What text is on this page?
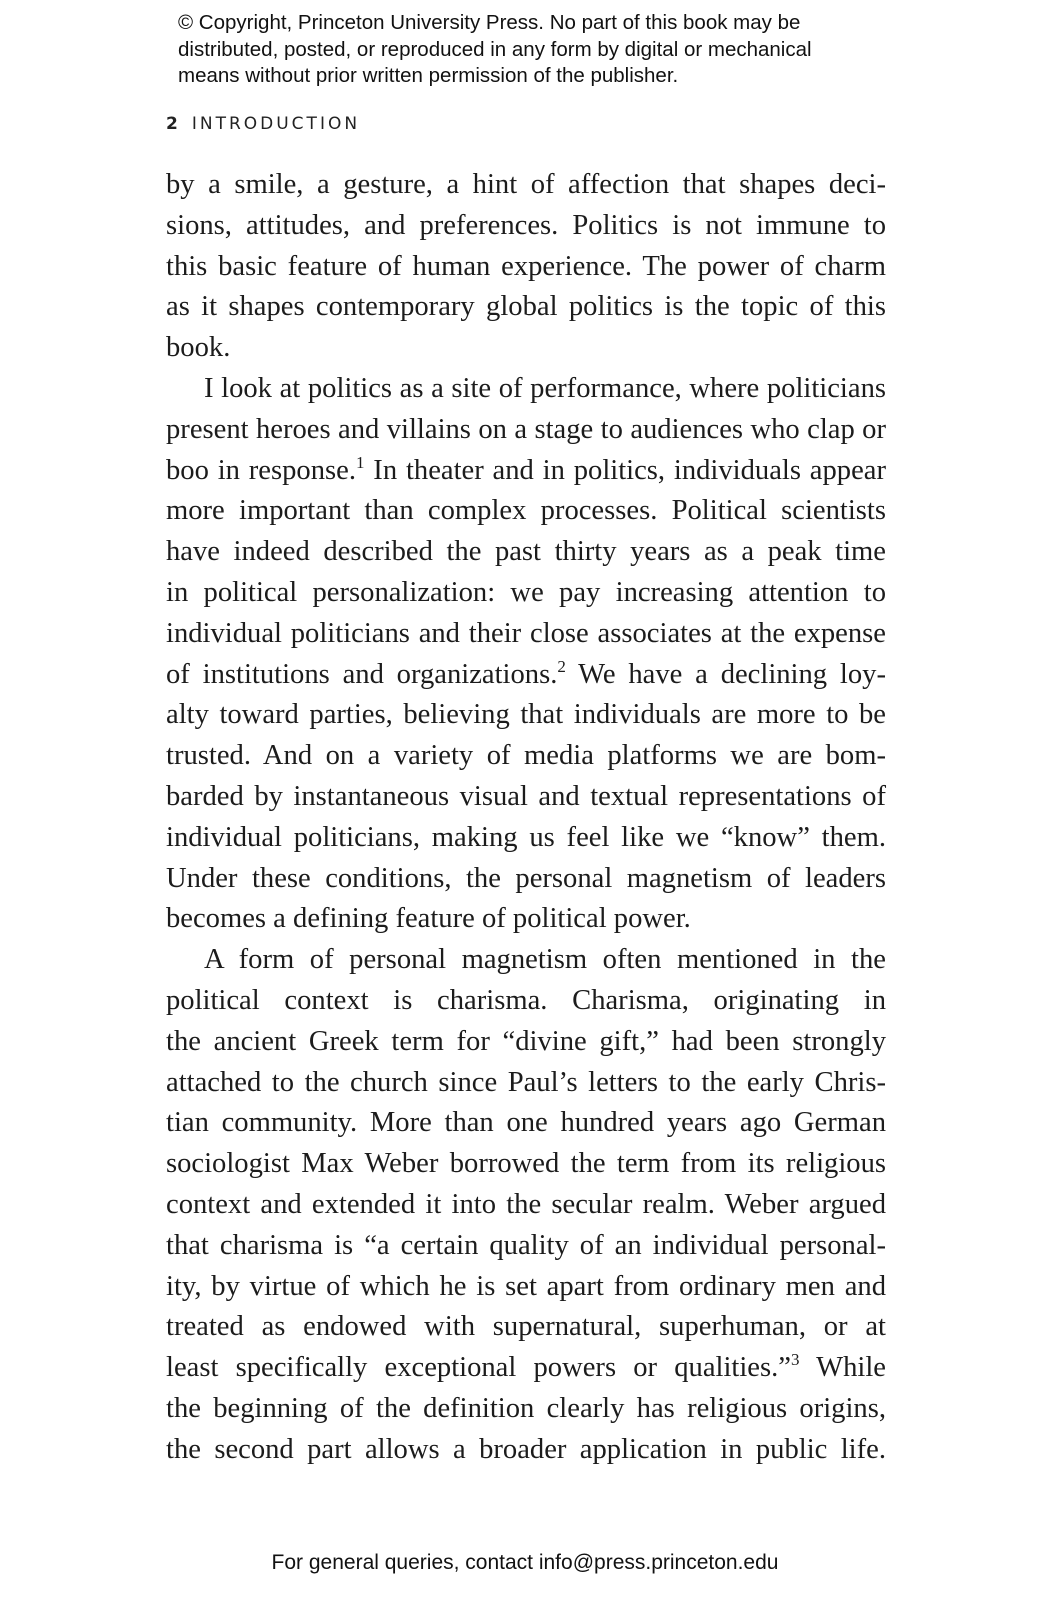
© Copyright, Princeton University Press. No part of this book may be
distributed, posted, or reproduced in any form by digital or mechanical
means without prior written permission of the publisher.
2 INTRODUCTION
by a smile, a gesture, a hint of affection that shapes deci-
sions, attitudes, and preferences. Politics is not immune to
this basic feature of human experience. The power of charm
as it shapes contemporary global politics is the topic of this
book.
I look at politics as a site of performance, where politicians
present heroes and villains on a stage to audiences who clap or
boo in response.$^1$ In theater and in politics, individuals appear
more important than complex processes. Political scientists
have indeed described the past thirty years as a peak time
in political personalization: we pay increasing attention to
individual politicians and their close associates at the expense
of institutions and organizations.$^2$ We have a declining loy-
alty toward parties, believing that individuals are more to be
trusted. And on a variety of media platforms we are bom-
barded by instantaneous visual and textual representations of
individual politicians, making us feel like we “know” them.
Under these conditions, the personal magnetism of leaders
becomes a defining feature of political power.
A form of personal magnetism often mentioned in the
political context is charisma. Charisma, originating in
the ancient Greek term for “divine gift,” had been strongly
attached to the church since Paul’s letters to the early Chris-
tian community. More than one hundred years ago German
sociologist Max Weber borrowed the term from its religious
context and extended it into the secular realm. Weber argued
that charisma is “a certain quality of an individual personal-
ity, by virtue of which he is set apart from ordinary men and
treated as endowed with supernatural, superhuman, or at
least specifically exceptional powers or qualities.”$^3$ While
the beginning of the definition clearly has religious origins,
the second part allows a broader application in public life.
For general queries, contact info@press.princeton.edu
